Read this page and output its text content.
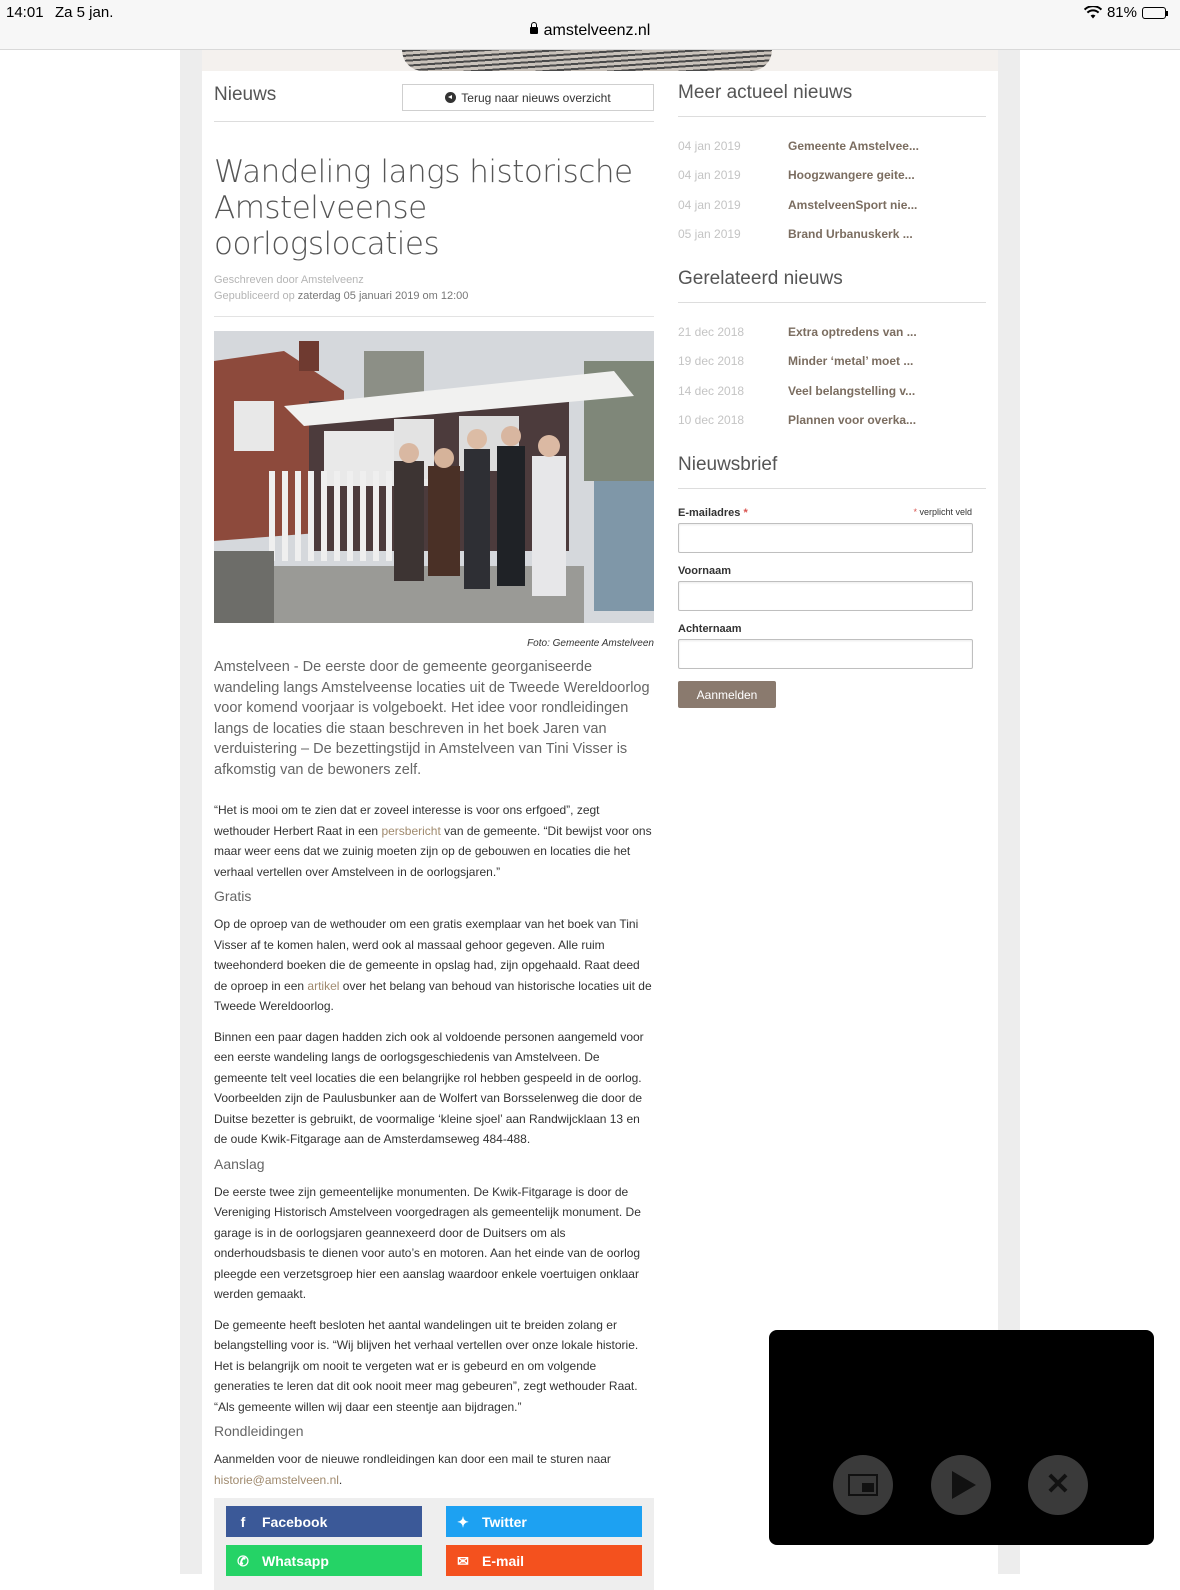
14:01 Za 5 jan.	81%
amstelveenz.nl
Nieuws	Terug naar nieuws overzicht
Wandeling langs historische Amstelveense oorlogslocaties
Geschreven door Amstelveenz
Gepubliceerd op zaterdag 05 januari 2019 om 12:00
Foto: Gemeente Amstelveen

Amstelveen - De eerste door de gemeente georganiseerde wandeling langs Amstelveense locaties uit de Tweede Wereldoorlog voor komend voorjaar is volgeboekt. Het idee voor rondleidingen langs de locaties die staan beschreven in het boek Jaren van verduistering – De bezettingstijd in Amstelveen van Tini Visser is afkomstig van de bewoners zelf.

“Het is mooi om te zien dat er zoveel interesse is voor ons erfgoed”, zegt wethouder Herbert Raat in een persbericht van de gemeente. “Dit bewijst voor ons maar weer eens dat we zuinig moeten zijn op de gebouwen en locaties die het verhaal vertellen over Amstelveen in de oorlogsjaren.”

Gratis

Op de oproep van de wethouder om een gratis exemplaar van het boek van Tini Visser af te komen halen, werd ook al massaal gehoor gegeven. Alle ruim tweehonderd boeken die de gemeente in opslag had, zijn opgehaald. Raat deed de oproep in een artikel over het belang van behoud van historische locaties uit de Tweede Wereldoorlog.

Binnen een paar dagen hadden zich ook al voldoende personen aangemeld voor een eerste wandeling langs de oorlogsgeschiedenis van Amstelveen. De gemeente telt veel locaties die een belangrijke rol hebben gespeeld in de oorlog. Voorbeelden zijn de Paulusbunker aan de Wolfert van Borsselenweg die door de Duitse bezetter is gebruikt, de voormalige ‘kleine sjoel’ aan Randwijcklaan 13 en de oude Kwik-Fitgarage aan de Amsterdamseweg 484-488.

Aanslag

De eerste twee zijn gemeentelijke monumenten. De Kwik-Fitgarage is door de Vereniging Historisch Amstelveen voorgedragen als gemeentelijk monument. De garage is in de oorlogsjaren geannexeerd door de Duitsers om als onderhoudsbasis te dienen voor auto’s en motoren. Aan het einde van de oorlog pleegde een verzetsgroep hier een aanslag waardoor enkele voertuigen onklaar werden gemaakt.

De gemeente heeft besloten het aantal wandelingen uit te breiden zolang er belangstelling voor is. “Wij blijven het verhaal vertellen over onze lokale historie. Het is belangrijk om nooit te vergeten wat er is gebeurd en om volgende generaties te leren dat dit ook nooit meer mag gebeuren”, zegt wethouder Raat. “Als gemeente willen wij daar een steentje aan bijdragen.”

Rondleidingen

Aanmelden voor de nieuwe rondleidingen kan door een mail te sturen naar historie@amstelveen.nl.

f	Facebook	✦ Twitter
✆ Whatsapp	✉ E-mail
Meer actueel nieuws
04 jan 2019	Gemeente Amstelvee...
04 jan 2019	Hoogzwangere geite...
04 jan 2019	AmstelveenSport nie...
05 jan 2019	Brand Urbanuskerk ...
Gerelateerd nieuws
21 dec 2018	Extra optredens van ...
19 dec 2018	Minder ‘metal’ moet ...
14 dec 2018	Veel belangstelling v...
10 dec 2018	Plannen voor overka...
Nieuwsbrief
* verplicht veld
E-mailadres *
Voornaam
Achternaam
Aanmelden
✕
